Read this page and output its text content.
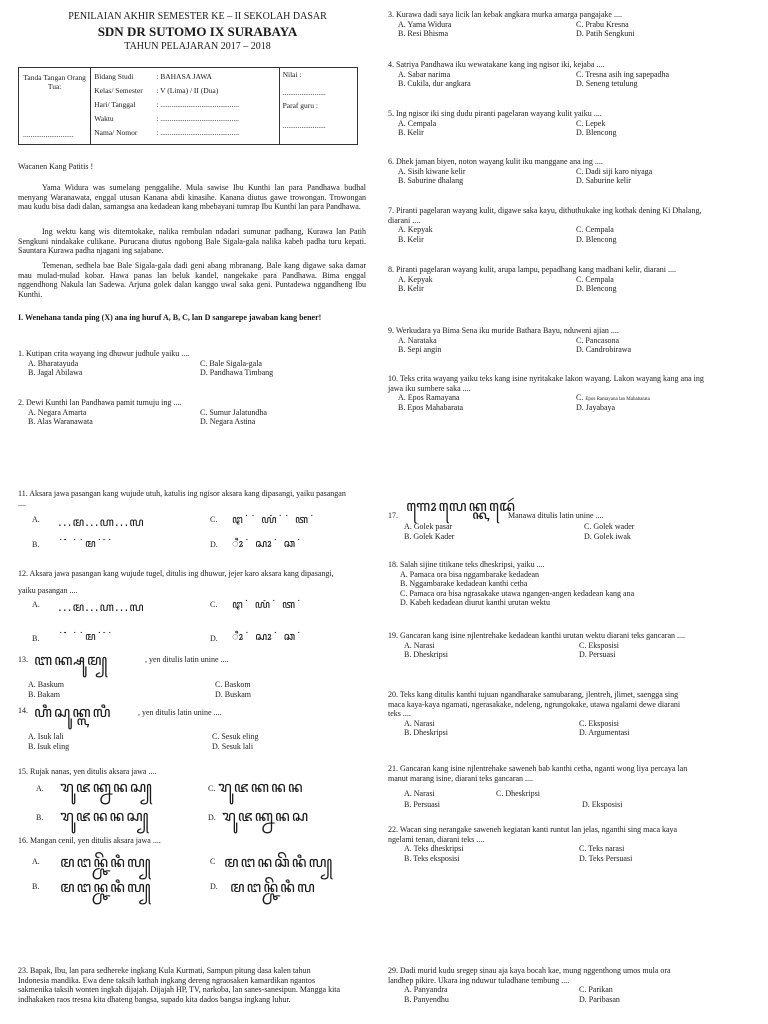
PENILAIAN AKHIR SEMESTER KE – II SEKOLAH DASAR
SDN DR SUTOMO IX SURABAYA
TAHUN PELAJARAN 2017 – 2018
Tanda Tangan Orang Tua:
...........................

Bidang Studi	: BAHASA JAWA
Kelas/ Semester	: V (Lima) / II (Dua)
Hari/ Tanggal	: ..........................................
Waktu	: ..........................................
Nama/ Nomor	: ..........................................

Nilai :
.......................
Paraf guru :
.......................
Wacanen Kang Patitis !
Yama Widura was sumelang penggalihe. Mula sawise Ibu Kunthi lan para Pandhawa budhal menyang Waranawata, enggal utusan Kanana abdi kinasihe. Kanana diutus gawe trowongan. Trowongan mau kudu bisa dadi dalan, samangsa ana kedadean kang mbebayani tumrap Ibu Kunthi lan para Pandhawa.
Ing wektu kang wis ditemtokake, nalika rembulan ndadari sumunar padhang, Kurawa lan Patih Sengkuni nindakake culikane. Purucana diutus ngobong Bale Sigala-gala nalika kabeh padha turu kepati. Sauntara Kurawa padha njagani ing sajabane.
Temenan, sedhela bae Bale Sigala-gala dadi geni abang mbranang. Bale kang digawe saka damar mau mulad-mulad kobar. Hawa panas lan beluk kandel, nangekake para Pandhawa. Bima enggal nggendhong Nakula lan Sadewa. Arjuna golek dalan kanggo uwal saka geni. Puntadewa nggandheng Ibu Kunthi.
I. Wenehana tanda ping (X) ana ing huruf A, B, C, lan D sangarepe jawaban kang bener!

1. Kutipan crita wayang ing dhuwur judhule yaiku ....

A. Bharatayuda	C. Bale Sigala-gala
B. Jagal Abilawa	D. Pandhawa Timbang

2. Dewi Kunthi lan Pandhawa pamit tumuju ing ....

A. Negara Amarta	C. Sumur Jalatundha
B. Alas Waranawata	D. Negara Astina

3. Kurawa dadi saya licik lan kebak angkara murka amarga pangajake ....

A. Yama Widura	C. Prabu Kresna
B. Resi Bhisma	D. Patih Sengkuni

4. Satriya Pandhawa iku wewatakane kang ing ngisor iki, kejaba ....

A. Sabar narima	C. Tresna asih ing sapepadha
B. Cukila, dur angkara	D. Seneng tetulung

5. Ing ngisor iki sing dudu piranti pagelaran wayang kulit yaiku ....

A. Cempala	C. Lepek
B. Kelir	D. Blencong

6. Dhek jaman biyen, noton wayang kulit iku manggane ana ing ....

A. Sisih kiwane kelir	C. Dadi siji karo niyaga
B. Saburine dhalang	D. Saburine kelir

7. Piranti pagelaran wayang kulit, digawe saka kayu, dithuthukake ing kothak dening Ki Dhalang, diarani ....

A. Kepyak	C. Cempala
B. Kelir	D. Blencong

8. Piranti pagelaran wayang kulit, arupa lampu, pepadhang kang madhani kelir, diarani ....

A. Kepyak	C. Cempala
B. Kelir	D. Blencong

9. Werkudara ya Bima Sena iku muride Bathara Bayu, nduweni ajian ....

A. Narataka	C. Pancasona
B. Sepi angin	D. Candrobirawa

10. Teks crita wayang yaiku teks kang isine nyritakake lakon wayang. Lakon wayang kang ana ing jawa iku sumbere saka ....

A. Epos Ramayana	C. Epos Ramayana lan Mahabarata
B. Epos Mahabarata	D. Jayabaya

11. Aksara jawa pasangan kang wujude utuh, katulis ing ngisor aksara kang dipasangi, yaiku pasangan ....

A. ...ꦩ...ꦲ...ꦭ	C. ꦛ˙˙ ꦪꦁ˙˙ ꦠ˙
B. ˙˙ꦁ ˙˙ꦩ˙ ꦁ˙	D. ꦶꦴ˙ ꦱꦴ˙ ꦕ˙

12. Aksara jawa pasangan kang wujude tugel, ditulis ing dhuwur, jejer karo aksara kang dipasangi, yaiku pasangan ....

A. ...ꦩ...ꦲ...ꦭ	C. ꦛ˙ ꦪꦁ˙ ꦠ˙
B. ˙˙ꦁ ˙˙ꦩ˙ ꦁ˙	D. ꦶꦴ˙ ꦱꦴ˙ ꦕ˙
13. ꦧꦏ꧀ꦱꦸꦩ꧀	, yen ditulis latin unine ....
A. Baskum	C. Baskom
B. Bakam	D. Buskam
14. ꦲꦶꦱꦸꦏ꧀ꦭꦭꦶ	, yen ditulis latin unine ....
A. Isuk lali	C. Sesuk eling
B. Isuk eling	D. Sesuk lali
15. Rujak nanas, yen ditulis aksara jawa ....
A. ꦫꦸꦗꦏ꧀ꦤꦤꦱ꧀	C. ꦫꦸꦗꦏꦤꦤ
B. ꦫꦸꦗꦤꦤꦱ꧀	D. ꦫꦸꦗꦏ꧀ꦤꦤꦱ
16. Mangan cenil, yen ditulis aksara jawa ....
A. ꦩꦔꦤ꧀ꦕꦼꦤꦶꦭ꧀	C ꦩꦔꦤꦕꦼꦤꦶꦭ꧀
B. ꦩꦔꦤ꧀ꦕꦤꦶꦭ꧀	D. ꦩꦔꦤ꧀ꦕꦼꦤꦶꦭ
17.
ꦒꦺꦴꦭꦺꦏ꧀ꦏꦢꦺꦂ
Manawa ditulis latin unine ....
A. Golek pasar	C. Golek wader
B. Golek Kader	D. Golek iwak

18. Salah sijine titikane teks dheskripsi, yaiku ....

A. Pamaca ora bisa nggambarake kedadean
B. Nggambarake kedadean kanthi cetha
C. Pamaca ora bisa ngrasakake utawa ngangen-angen kedadean kang ana
D. Kabeh kedadean diurut kanthi urutan wektu

19. Gancaran kang isine njlentrehake kedadean kanthi urutan wektu diarani teks gancaran ....

A. Narasi	C. Eksposisi
B. Dheskripsi	D. Persuasi

20. Teks kang ditulis kanthi tujuan ngandharake samubarang, jlentreh, jlimet, saengga sing maca kaya-kaya ngamati, ngerasakake, ndeleng, ngrungokake, utawa ngalami dewe diarani teks ....

A. Narasi	C. Eksposisi
B. Dheskripsi	D. Argumentasi

21. Gancaran kang isine njlentrehake saweneh bab kanthi cetha, nganti wong liya percaya lan manut marang isine, diarani teks gancaran ....

A. Narasi	C. Dheskripsi
B. Persuasi	D. Eksposisi

22. Wacan sing nerangake saweneh kegiatan kanti runtut lan jelas, nganthi sing maca kaya ngelami tenan, diarani teks ....

A. Teks dheskripsi	C. Teks narasi
B. Teks eksposisi	D. Teks Persuasi

23. Bapak, Ibu, lan para sedhereke ingkang Kula Kurmati, Sampun pitung dasa kalen tahun Indonesia mandika. Ewa dene taksih kathah ingkang dereng ngraosaken kamardikan ngantos sakmenika taksih wonten ingkah dijajah. Dijajah HP, TV, narkoba, lan sanes-sanesipun. Mangga kita indhakaken raos tresna kita dhateng bangsa, supado kita dados bangsa ingkang luhur.

29. Dadi murid kudu sregep sinau aja kaya bocah kae, mung nggenthong umos mula ora landhep pikire. Ukara ing nduwur tuladhane tembung ....

A. Panyandra	C. Parikan
B. Panyendhu	D. Paribasan
